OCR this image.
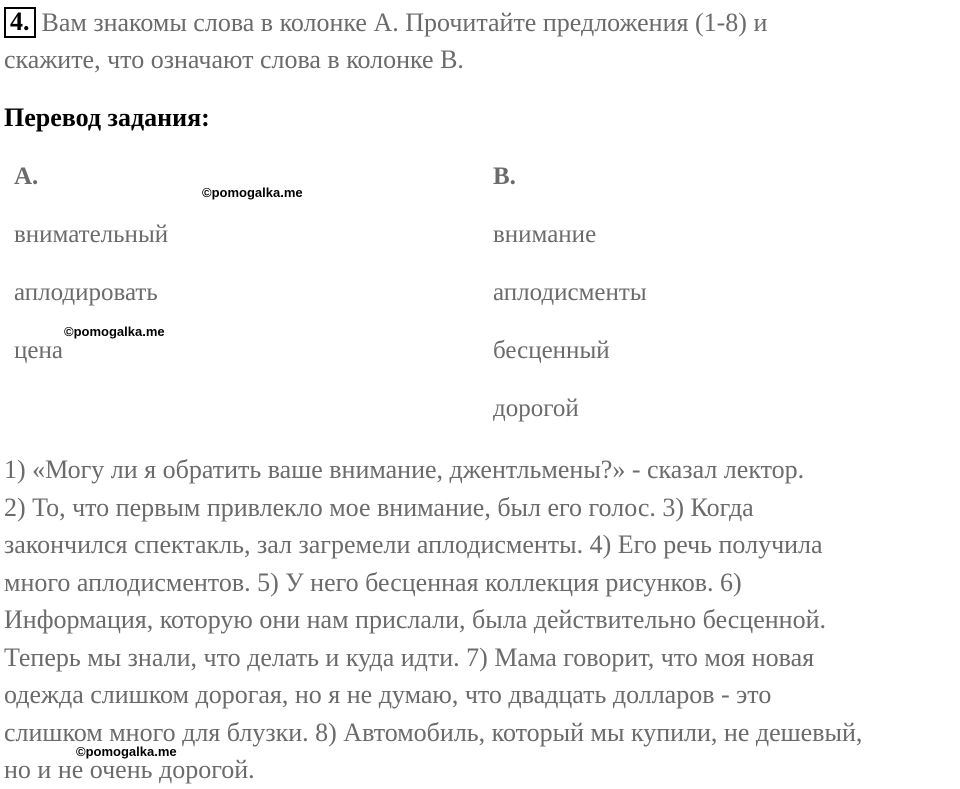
4. Вам знакомы слова в колонке А. Прочитайте предложения (1-8) и
скажите, что означают слова в колонке В.
Перевод задания:
А.
внимательный
аплодировать
цена
В.
внимание
аплодисменты
бесценный
дорогой
©pomogalka.me
©pomogalka.me

1) «Могу ли я обратить ваше внимание, джентльмены?» - сказал лектор.
2) То, что первым привлекло мое внимание, был его голос. 3) Когда
закончился спектакль, зал загремели аплодисменты. 4) Его речь получила
много аплодисментов. 5) У него бесценная коллекция рисунков. 6)
Информация, которую они нам прислали, была действительно бесценной.
Теперь мы знали, что делать и куда идти. 7) Мама говорит, что моя новая
одежда слишком дорогая, но я не думаю, что двадцать долларов - это
слишком много для блузки. 8) Автомобиль, который мы купили, не дешевый,
но и не очень дорогой.

©pomogalka.me
